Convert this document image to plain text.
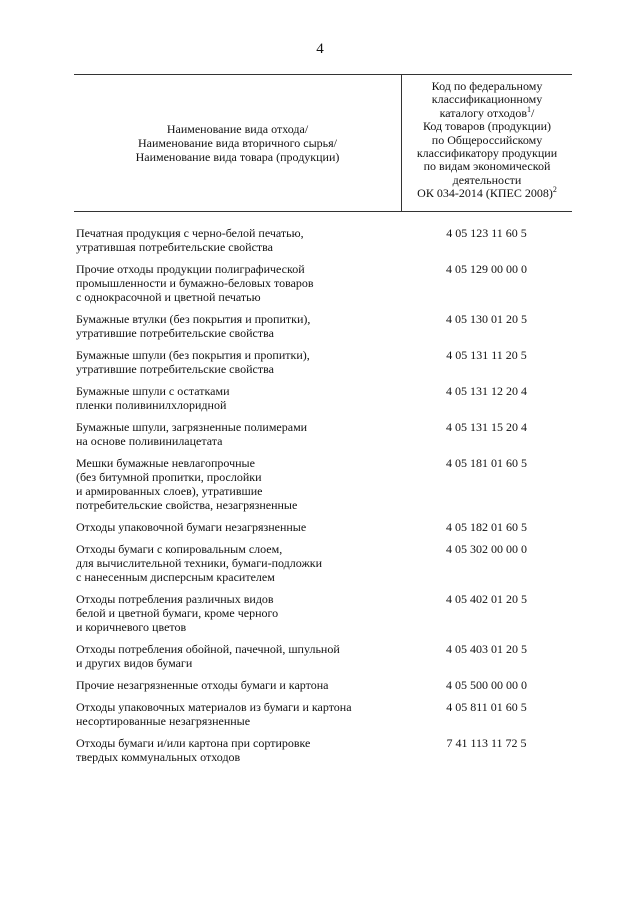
4
Наименование вида отхода/
Наименование вида вторичного сырья/
Наименование вида товара (продукции)
Код по федеральному
классификационному
каталогу отходов$^1$/
Код товаров (продукции)
по Общероссийскому
классификатору продукции
по видам экономической
деятельности
ОК 034-2014 (КПЕС 2008)$^2$
Печатная продукция с черно-белой печатью,
утратившая потребительские свойства
4 05 123 11 60 5
Прочие отходы продукции полиграфической
промышленности и бумажно-беловых товаров
с однокрасочной и цветной печатью
4 05 129 00 00 0
Бумажные втулки (без покрытия и пропитки),
утратившие потребительские свойства
4 05 130 01 20 5
Бумажные шпули (без покрытия и пропитки),
утратившие потребительские свойства
4 05 131 11 20 5
Бумажные шпули с остатками
пленки поливинилхлоридной
4 05 131 12 20 4
Бумажные шпули, загрязненные полимерами
на основе поливинилацетата
4 05 131 15 20 4
Мешки бумажные невлагопрочные
(без битумной пропитки, прослойки
и армированных слоев), утратившие
потребительские свойства, незагрязненные
4 05 181 01 60 5
Отходы упаковочной бумаги незагрязненные	4 05 182 01 60 5
Отходы бумаги с копировальным слоем,
для вычислительной техники, бумаги-подложки
с нанесенным дисперсным красителем
4 05 302 00 00 0
Отходы потребления различных видов
белой и цветной бумаги, кроме черного
и коричневого цветов
4 05 402 01 20 5
Отходы потребления обойной, пачечной, шпульной
и других видов бумаги
4 05 403 01 20 5
Прочие незагрязненные отходы бумаги и картона	4 05 500 00 00 0
Отходы упаковочных материалов из бумаги и картона
несортированные незагрязненные
4 05 811 01 60 5
Отходы бумаги и/или картона при сортировке
твердых коммунальных отходов
7 41 113 11 72 5
